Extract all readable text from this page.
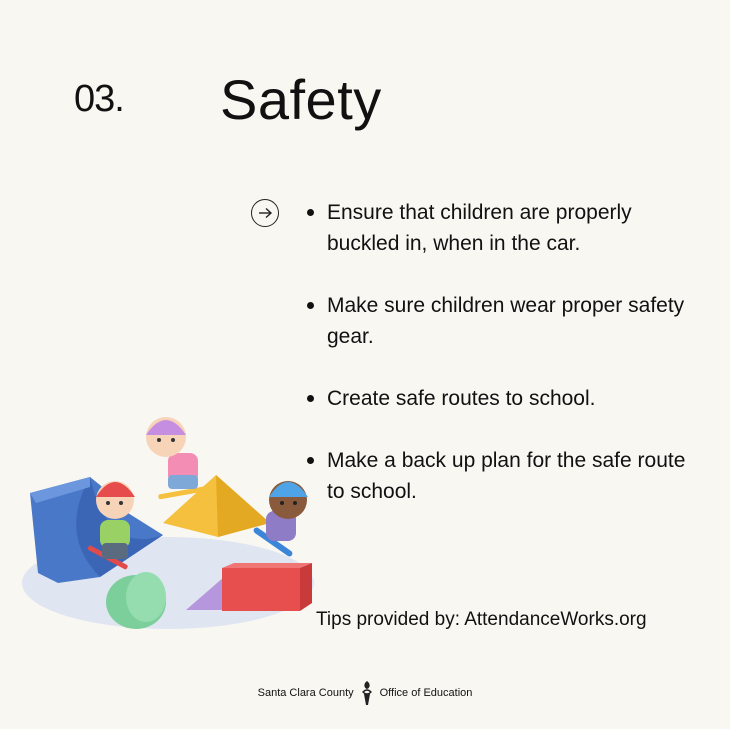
03. Safety
Ensure that children are properly buckled in, when in the car.
Make sure children wear proper safety gear.
Create safe routes to school.
Make a back up plan for the safe route to school.
Tips provided by: AttendanceWorks.org
Santa Clara County Office of Education
